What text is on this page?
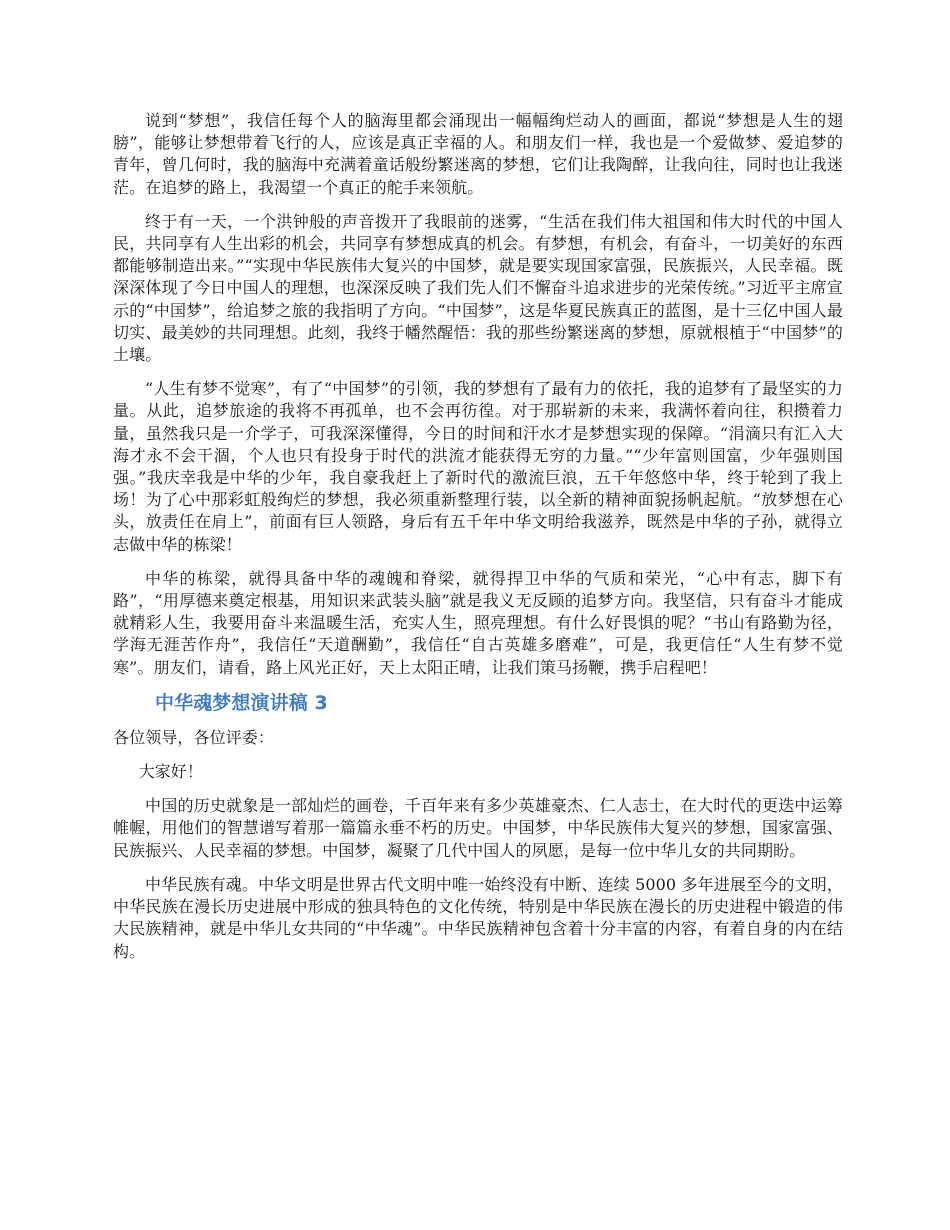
说到“梦想”，我信任每个人的脑海里都会涌现出一幅幅绚烂动人的画面，都说“梦想是人生的翅膀”，能够让梦想带着飞行的人，应该是真正幸福的人。和朋友们一样，我也是一个爱做梦、爱追梦的青年，曾几何时，我的脑海中充满着童话般纷繁迷离的梦想，它们让我陶醉，让我向往，同时也让我迷茫。在追梦的路上，我渴望一个真正的舵手来领航。

终于有一天，一个洪钟般的声音拨开了我眼前的迷雾，“生活在我们伟大祖国和伟大时代的中国人民，共同享有人生出彩的机会，共同享有梦想成真的机会。有梦想，有机会，有奋斗，一切美好的东西都能够制造出来。”“实现中华民族伟大复兴的中国梦，就是要实现国家富强，民族振兴，人民幸福。既深深体现了今日中国人的理想，也深深反映了我们先人们不懈奋斗追求进步的光荣传统。”习近平主席宣示的“中国梦”，给追梦之旅的我指明了方向。“中国梦”，这是华夏民族真正的蓝图，是十三亿中国人最切实、最美妙的共同理想。此刻，我终于幡然醒悟：我的那些纷繁迷离的梦想，原就根植于“中国梦”的土壤。

“人生有梦不觉寒”，有了“中国梦”的引领，我的梦想有了最有力的依托，我的追梦有了最坚实的力量。从此，追梦旅途的我将不再孤单，也不会再彷徨。对于那崭新的未来，我满怀着向往，积攒着力量，虽然我只是一介学子，可我深深懂得，今日的时间和汗水才是梦想实现的保障。“涓滴只有汇入大海才永不会干涸，个人也只有投身于时代的洪流才能获得无穷的力量。”“少年富则国富，少年强则国强。”我庆幸我是中华的少年，我自豪我赶上了新时代的激流巨浪，五千年悠悠中华，终于轮到了我上场！为了心中那彩虹般绚烂的梦想，我必须重新整理行装，以全新的精神面貌扬帆起航。“放梦想在心头，放责任在肩上”，前面有巨人领路，身后有五千年中华文明给我滋养，既然是中华的子孙，就得立志做中华的栋梁！

中华的栋梁，就得具备中华的魂魄和脊梁，就得捍卫中华的气质和荣光，“心中有志，脚下有路”，“用厚德来奠定根基，用知识来武装头脑”就是我义无反顾的追梦方向。我坚信，只有奋斗才能成就精彩人生，我要用奋斗来温暖生活，充实人生，照亮理想。有什么好畏惧的呢？“书山有路勤为径，学海无涯苦作舟”，我信任“天道酬勤”，我信任“自古英雄多磨难”，可是，我更信任“人生有梦不觉寒”。朋友们，请看，路上风光正好，天上太阳正晴，让我们策马扬鞭，携手启程吧！

中华魂梦想演讲稿 3

各位领导，各位评委：

大家好！

中国的历史就象是一部灿烂的画卷，千百年来有多少英雄豪杰、仁人志士，在大时代的更迭中运筹帷幄，用他们的智慧谱写着那一篇篇永垂不朽的历史。中国梦，中华民族伟大复兴的梦想，国家富强、民族振兴、人民幸福的梦想。中国梦，凝聚了几代中国人的夙愿，是每一位中华儿女的共同期盼。

中华民族有魂。中华文明是世界古代文明中唯一始终没有中断、连续 5000 多年进展至今的文明，中华民族在漫长历史进展中形成的独具特色的文化传统，特别是中华民族在漫长的历史进程中锻造的伟大民族精神，就是中华儿女共同的“中华魂”。中华民族精神包含着十分丰富的内容，有着自身的内在结构。
